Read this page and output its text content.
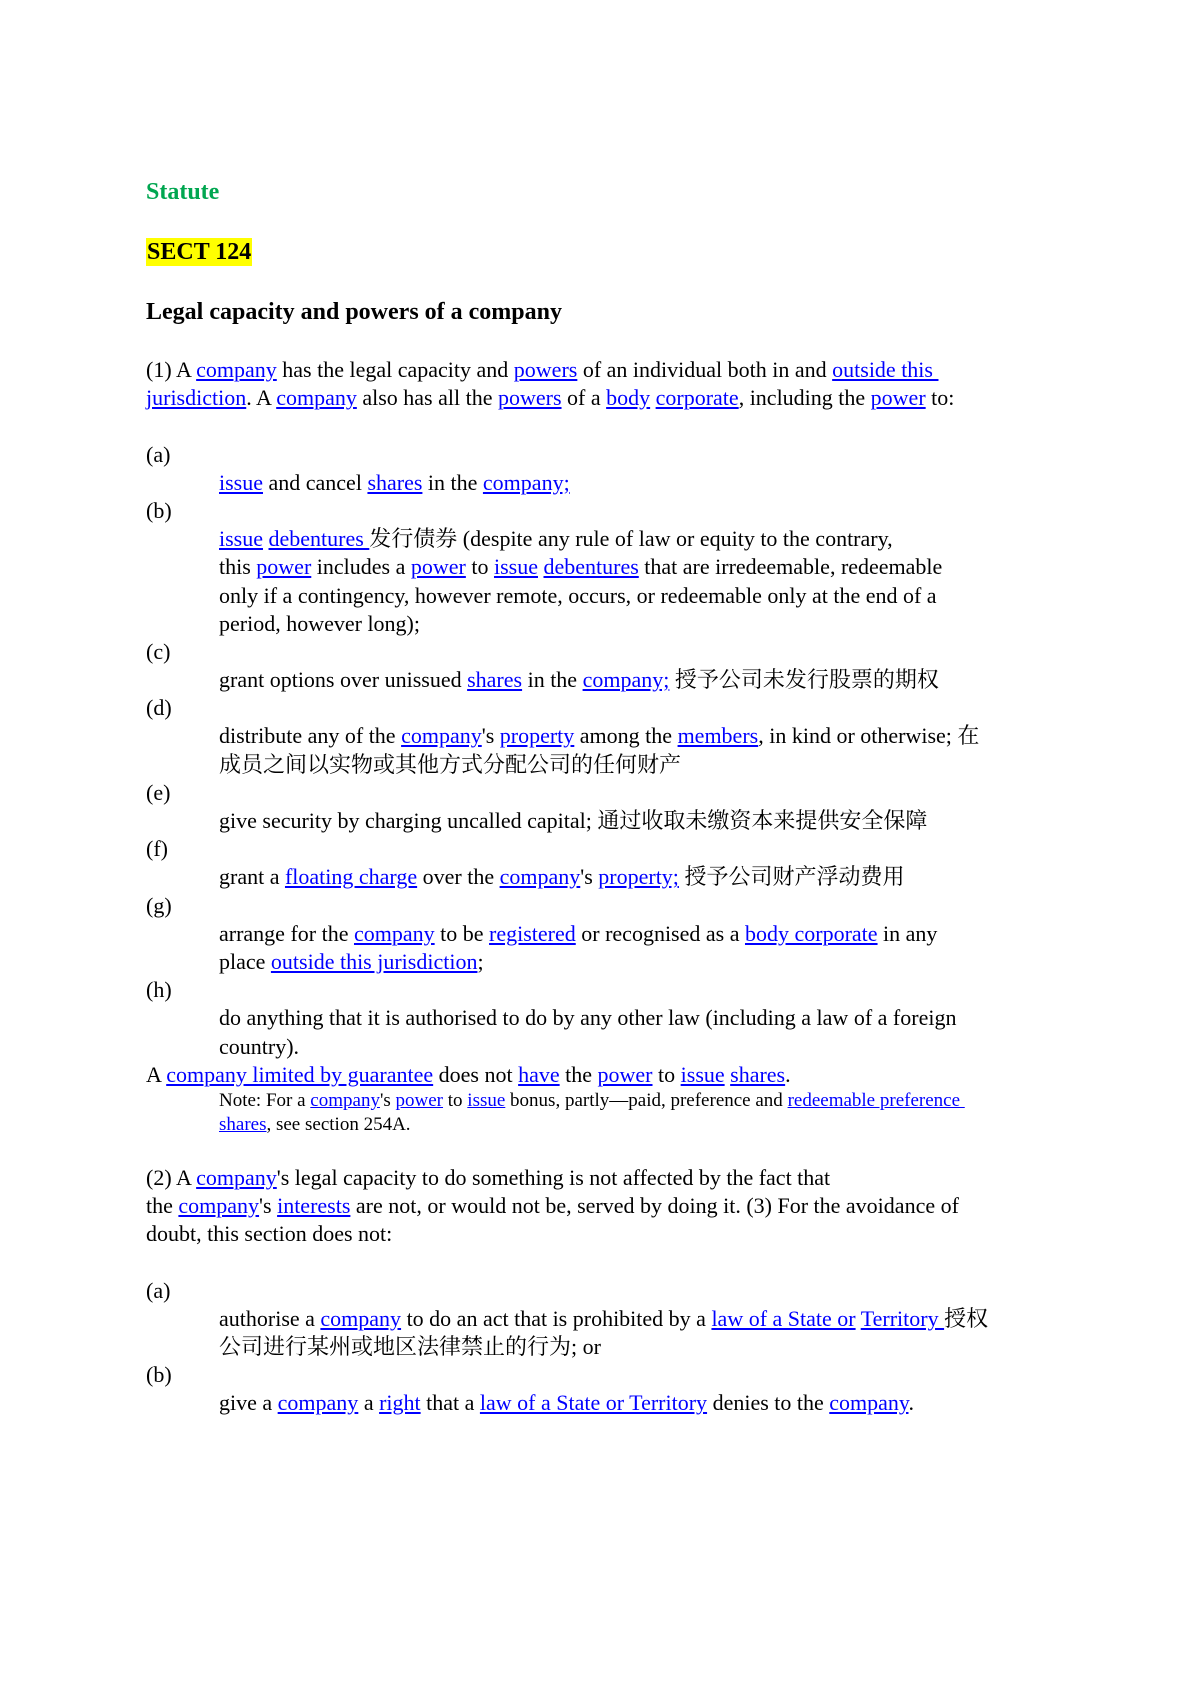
Statute
SECT 124
Legal capacity and powers of a company
(1) A company has the legal capacity and powers of an individual both in and outside this
jurisdiction. A company also has all the powers of a body corporate, including the power to:
(a)
issue and cancel shares in the company;
(b)
issue debentures 发行债券 (despite any rule of law or equity to the contrary,
this power includes a power to issue debentures that are irredeemable, redeemable
only if a contingency, however remote, occurs, or redeemable only at the end of a
period, however long);
(c)
grant options over unissued shares in the company; 授予公司未发行股票的期权
(d)
distribute any of the company's property among the members, in kind or otherwise; 在
成员之间以实物或其他方式分配公司的任何财产
(e)
give security by charging uncalled capital; 通过收取未缴资本来提供安全保障
(f)
grant a floating charge over the company's property; 授予公司财产浮动费用
(g)
arrange for the company to be registered or recognised as a body corporate in any
place outside this jurisdiction;
(h)
do anything that it is authorised to do by any other law (including a law of a foreign
country).
A company limited by guarantee does not have the power to issue shares.
Note: For a company's power to issue bonus, partly—paid, preference and redeemable preference
shares, see section 254A.
(2) A company's legal capacity to do something is not affected by the fact that
the company's interests are not, or would not be, served by doing it. (3) For the avoidance of
doubt, this section does not:
(a)
authorise a company to do an act that is prohibited by a law of a State or Territory 授权
公司进行某州或地区法律禁止的行为; or
(b)
give a company a right that a law of a State or Territory denies to the company.
